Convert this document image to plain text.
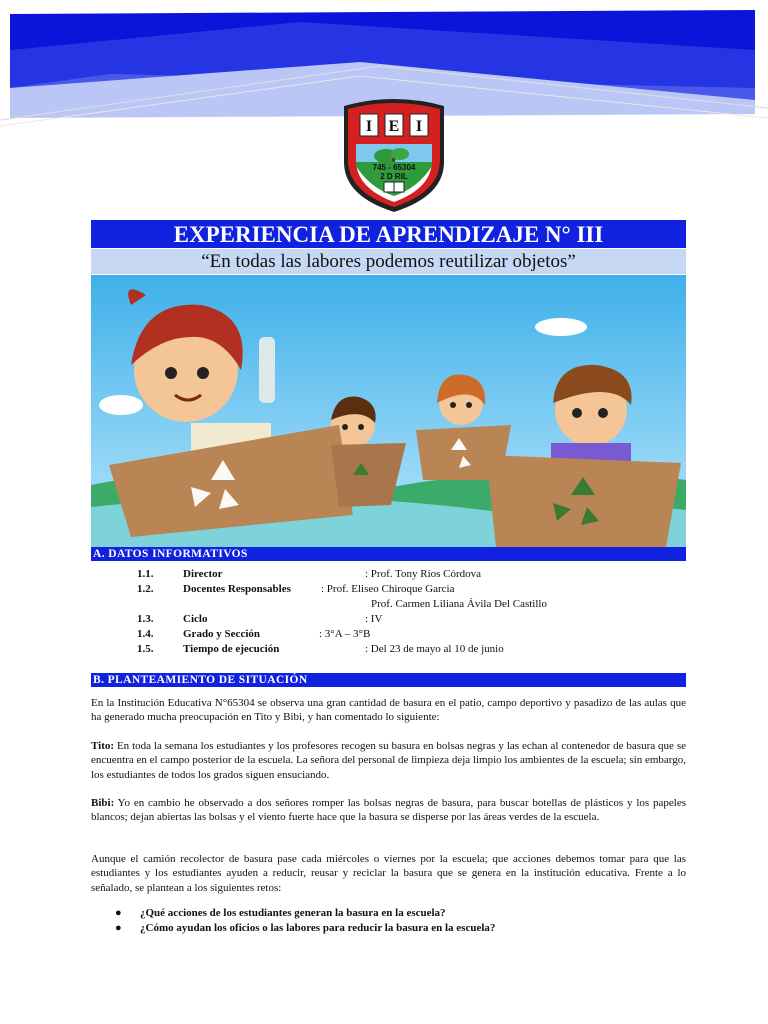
I E I
745 - 65304
2 D RIL
EXPERIENCIA DE APRENDIZAJE N° III
“En todas las labores podemos reutilizar objetos”
A. DATOS INFORMATIVOS
1.1.	Director	: Prof. Tony Rios Córdova
1.2.	Docentes Responsables	: Prof. Eliseo Chiroque Garcia
Prof. Carmen Liliana Ávila Del Castillo
1.3.	Ciclo	: IV
1.4.	Grado y Sección	: 3°A – 3°B
1.5.	Tiempo de ejecución	: Del 23 de mayo al 10 de junio
B. PLANTEAMIENTO DE SITUACIÓN

En la Institución Educativa N°65304 se observa una gran cantidad de basura en el patio, campo deportivo y pasadizo de las aulas que ha generado mucha preocupación en Tito y Bibi, y han comentado lo siguiente:

Tito: En toda la semana los estudiantes y los profesores recogen su basura en bolsas negras y las echan al contenedor de basura que se encuentra en el campo posterior de la escuela. La señora del personal de limpieza deja limpio los ambientes de la escuela; sin embargo, los estudiantes de todos los grados siguen ensuciando.

Bibi: Yo en cambio he observado a dos señores romper las bolsas negras de basura, para buscar botellas de plásticos y los papeles blancos; dejan abiertas las bolsas y el viento fuerte hace que la basura se disperse por las áreas verdes de la escuela.

Aunque el camión recolector de basura pase cada miércoles o viernes por la escuela; que acciones debemos tomar para que las estudiantes y los estudiantes ayuden a reducir, reusar y reciclar la basura que se genera en la institución educativa. Frente a lo señalado, se plantean a los siguientes retos:

● ¿Qué acciones de los estudiantes generan la basura en la escuela?
● ¿Cómo ayudan los oficios o las labores para reducir la basura en la escuela?
